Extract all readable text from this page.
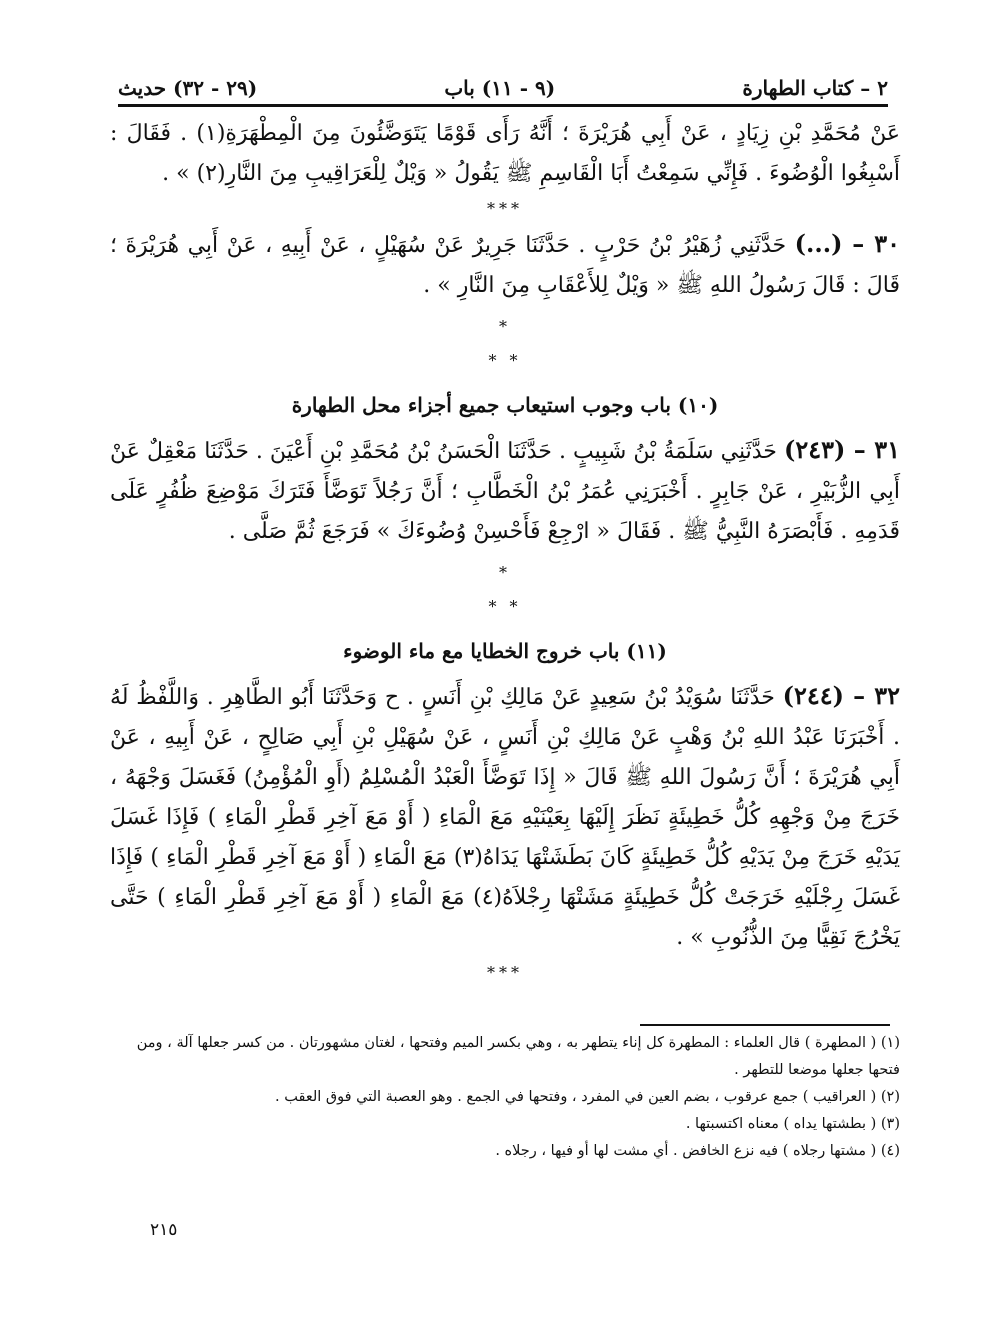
٢ – كتاب الطهارة
(٩ - ١١) باب
(٢٩ - ٣٢) حديث

عَنْ مُحَمَّدِ بْنِ زِيَادٍ ، عَنْ أَبِي هُرَيْرَةَ ؛ أَنَّهُ رَأَى قَوْمًا يَتَوَضَّئُونَ مِنَ الْمِطْهَرَةِ(١) . فَقَالَ : أَسْبِغُوا الْوُضُوءَ . فَإِنِّي سَمِعْتُ أَبَا الْقَاسِمِ ﷺ يَقُولُ « وَيْلٌ لِلْعَرَاقِيبِ مِنَ النَّارِ(٢) » .

***

٣٠ – (...) حَدَّثَنِي زُهَيْرُ بْنُ حَرْبٍ . حَدَّثَنَا جَرِيرٌ عَنْ سُهَيْلٍ ، عَنْ أَبِيهِ ، عَنْ أَبِي هُرَيْرَةَ ؛ قَالَ : قَالَ رَسُولُ اللهِ ﷺ « وَيْلٌ لِلأَعْقَابِ مِنَ النَّارِ » .

*
* *
(١٠) باب وجوب استيعاب جميع أجزاء محل الطهارة

٣١ – (٢٤٣) حَدَّثَنِي سَلَمَةُ بْنُ شَبِيبٍ . حَدَّثَنَا الْحَسَنُ بْنُ مُحَمَّدِ بْنِ أَعْيَنَ . حَدَّثَنَا مَعْقِلٌ عَنْ أَبِي الزُّبَيْرِ ، عَنْ جَابِرٍ . أَخْبَرَنِي عُمَرُ بْنُ الْخَطَّابِ ؛ أَنَّ رَجُلاً تَوَضَّأَ فَتَرَكَ مَوْضِعَ ظُفُرٍ عَلَى قَدَمِهِ . فَأَبْصَرَهُ النَّبِيُّ ﷺ . فَقَالَ « ارْجِعْ فَأَحْسِنْ وُضُوءَكَ » فَرَجَعَ ثُمَّ صَلَّى .

*
* *
(١١) باب خروج الخطايا مع ماء الوضوء

٣٢ – (٢٤٤) حَدَّثَنَا سُوَيْدُ بْنُ سَعِيدٍ عَنْ مَالِكِ بْنِ أَنَسٍ . ح وَحَدَّثَنَا أَبُو الطَّاهِرِ . وَاللَّفْظُ لَهُ . أَخْبَرَنَا عَبْدُ اللهِ بْنُ وَهْبٍ عَنْ مَالِكِ بْنِ أَنَسٍ ، عَنْ سُهَيْلِ بْنِ أَبِي صَالِحٍ ، عَنْ أَبِيهِ ، عَنْ أَبِي هُرَيْرَةَ ؛ أَنَّ رَسُولَ اللهِ ﷺ قَالَ « إِذَا تَوَضَّأَ الْعَبْدُ الْمُسْلِمُ (أَوِ الْمُؤْمِنُ) فَغَسَلَ وَجْهَهُ ، خَرَجَ مِنْ وَجْهِهِ كُلُّ خَطِيئَةٍ نَظَرَ إِلَيْهَا بِعَيْنَيْهِ مَعَ الْمَاءِ ( أَوْ مَعَ آخِرِ قَطْرِ الْمَاءِ ) فَإِذَا غَسَلَ يَدَيْهِ خَرَجَ مِنْ يَدَيْهِ كُلُّ خَطِيئَةٍ كَانَ بَطَشَتْهَا يَدَاهُ(٣) مَعَ الْمَاءِ ( أَوْ مَعَ آخِرِ قَطْرِ الْمَاءِ ) فَإِذَا غَسَلَ رِجْلَيْهِ خَرَجَتْ كُلُّ خَطِيئَةٍ مَشَتْهَا رِجْلاَهُ(٤) مَعَ الْمَاءِ ( أَوْ مَعَ آخِرِ قَطْرِ الْمَاءِ ) حَتَّى يَخْرُجَ نَقِيًّا مِنَ الذُّنُوبِ » .

***

(١) ( المطهرة ) قال العلماء : المطهرة كل إناء يتطهر به ، وهي بكسر الميم وفتحها ، لغتان مشهورتان . من كسر جعلها آلة ، ومن فتحها جعلها موضعا للتطهر .

(٢) ( العراقيب ) جمع عرقوب ، بضم العين في المفرد ، وفتحها في الجمع . وهو العصبة التي فوق العقب .

(٣) ( بطشتها يداه ) معناه اكتسبتها .

(٤) ( مشتها رجلاه ) فيه نزع الخافض . أي مشت لها أو فيها ، رجلاه .

٢١٥
